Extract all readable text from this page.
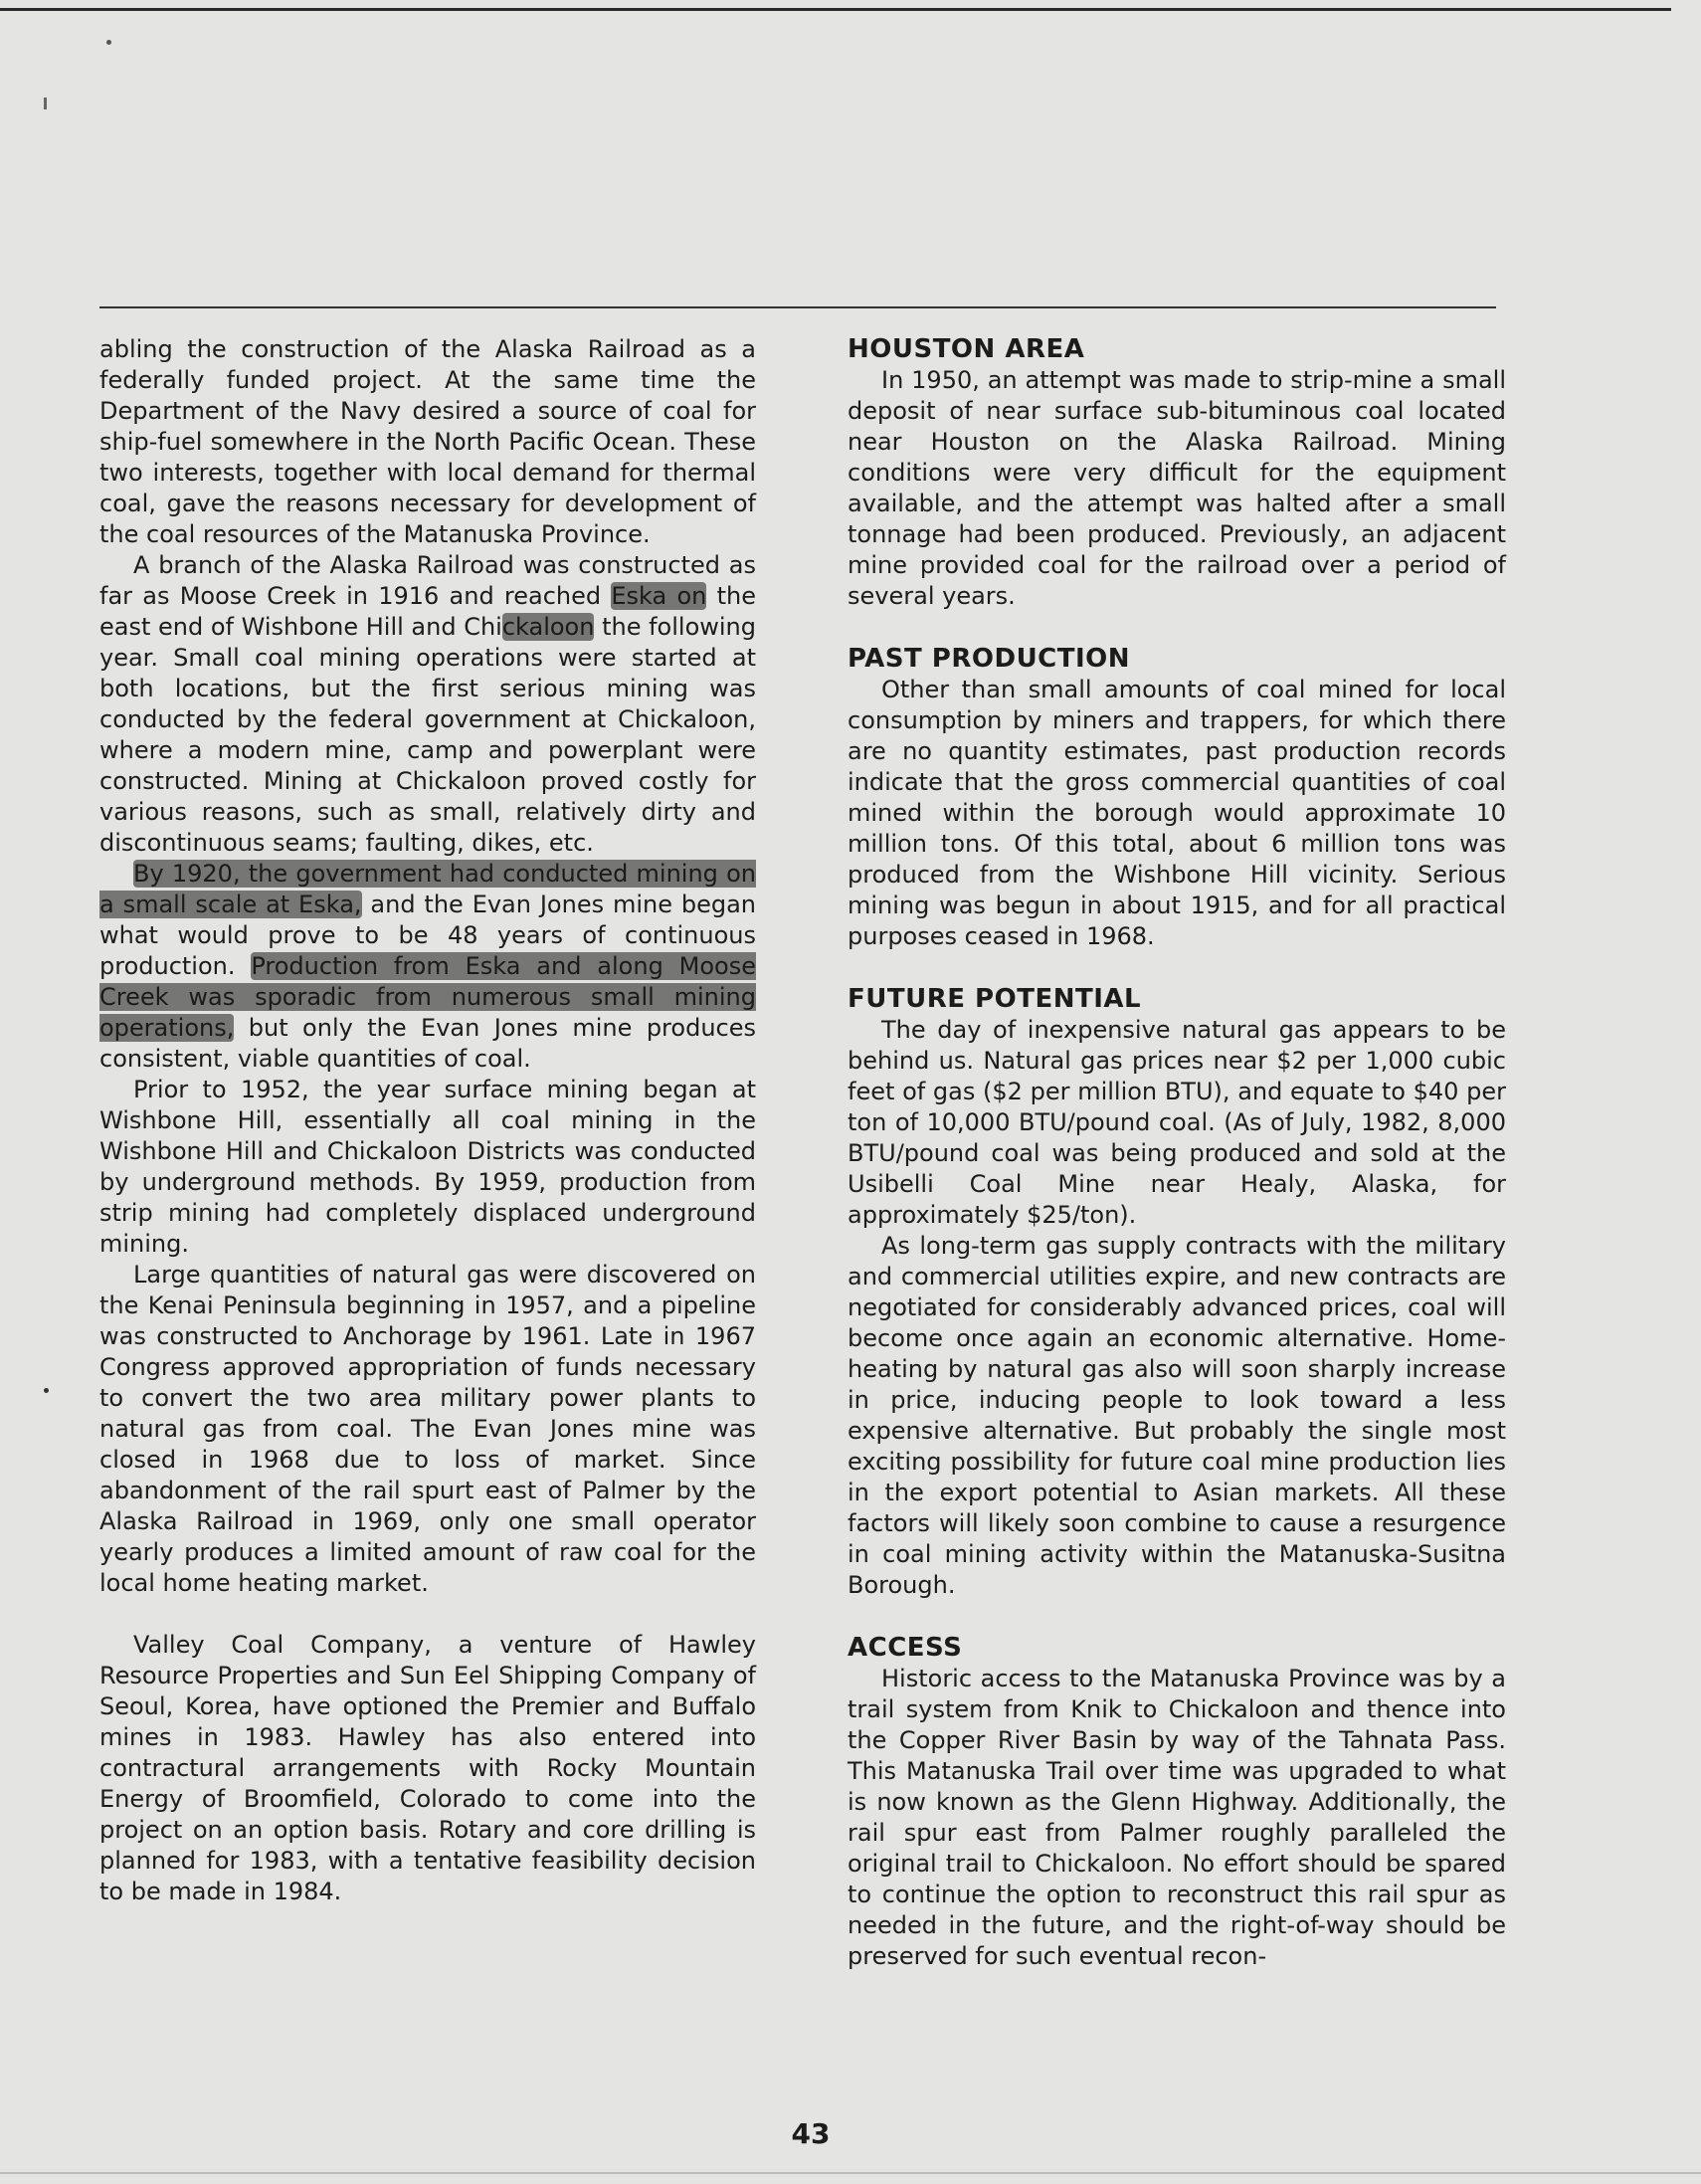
abling the construction of the Alaska Railroad as a federally funded project. At the same time the Department of the Navy desired a source of coal for ship-fuel somewhere in the North Pacific Ocean. These two interests, together with local demand for thermal coal, gave the reasons necessary for development of the coal resources of the Matanuska Province.

A branch of the Alaska Railroad was constructed as far as Moose Creek in 1916 and reached Eska on the east end of Wishbone Hill and Chickaloon the following year. Small coal mining operations were started at both locations, but the first serious mining was conducted by the federal government at Chickaloon, where a modern mine, camp and powerplant were constructed. Mining at Chickaloon proved costly for various reasons, such as small, relatively dirty and discontinuous seams; faulting, dikes, etc.

By 1920, the government had conducted mining on a small scale at Eska, and the Evan Jones mine began what would prove to be 48 years of continuous production. Production from Eska and along Moose Creek was sporadic from numerous small mining operations, but only the Evan Jones mine produces consistent, viable quantities of coal.

Prior to 1952, the year surface mining began at Wishbone Hill, essentially all coal mining in the Wishbone Hill and Chickaloon Districts was conducted by underground methods. By 1959, production from strip mining had completely displaced underground mining.

Large quantities of natural gas were discovered on the Kenai Peninsula beginning in 1957, and a pipeline was constructed to Anchorage by 1961. Late in 1967 Congress approved appropriation of funds necessary to convert the two area military power plants to natural gas from coal. The Evan Jones mine was closed in 1968 due to loss of market. Since abandonment of the rail spurt east of Palmer by the Alaska Railroad in 1969, only one small operator yearly produces a limited amount of raw coal for the local home heating market.

Valley Coal Company, a venture of Hawley Resource Properties and Sun Eel Shipping Company of Seoul, Korea, have optioned the Premier and Buffalo mines in 1983. Hawley has also entered into contractural arrangements with Rocky Mountain Energy of Broomfield, Colorado to come into the project on an option basis. Rotary and core drilling is planned for 1983, with a tentative feasibility decision to be made in 1984.

HOUSTON AREA

In 1950, an attempt was made to strip-mine a small deposit of near surface sub-bituminous coal located near Houston on the Alaska Railroad. Mining conditions were very difficult for the equipment available, and the attempt was halted after a small tonnage had been produced. Previously, an adjacent mine provided coal for the railroad over a period of several years.

PAST PRODUCTION

Other than small amounts of coal mined for local consumption by miners and trappers, for which there are no quantity estimates, past production records indicate that the gross commercial quantities of coal mined within the borough would approximate 10 million tons. Of this total, about 6 million tons was produced from the Wishbone Hill vicinity. Serious mining was begun in about 1915, and for all practical purposes ceased in 1968.

FUTURE POTENTIAL

The day of inexpensive natural gas appears to be behind us. Natural gas prices near $2 per 1,000 cubic feet of gas ($2 per million BTU), and equate to $40 per ton of 10,000 BTU/pound coal. (As of July, 1982, 8,000 BTU/pound coal was being produced and sold at the Usibelli Coal Mine near Healy, Alaska, for approximately $25/ton).

As long-term gas supply contracts with the military and commercial utilities expire, and new contracts are negotiated for considerably advanced prices, coal will become once again an economic alternative. Home-heating by natural gas also will soon sharply increase in price, inducing people to look toward a less expensive alternative. But probably the single most exciting possibility for future coal mine production lies in the export potential to Asian markets. All these factors will likely soon combine to cause a resurgence in coal mining activity within the Matanuska-Susitna Borough.

ACCESS

Historic access to the Matanuska Province was by a trail system from Knik to Chickaloon and thence into the Copper River Basin by way of the Tahnata Pass. This Matanuska Trail over time was upgraded to what is now known as the Glenn Highway. Additionally, the rail spur east from Palmer roughly paralleled the original trail to Chickaloon. No effort should be spared to continue the option to reconstruct this rail spur as needed in the future, and the right-of-way should be preserved for such eventual recon-

43
